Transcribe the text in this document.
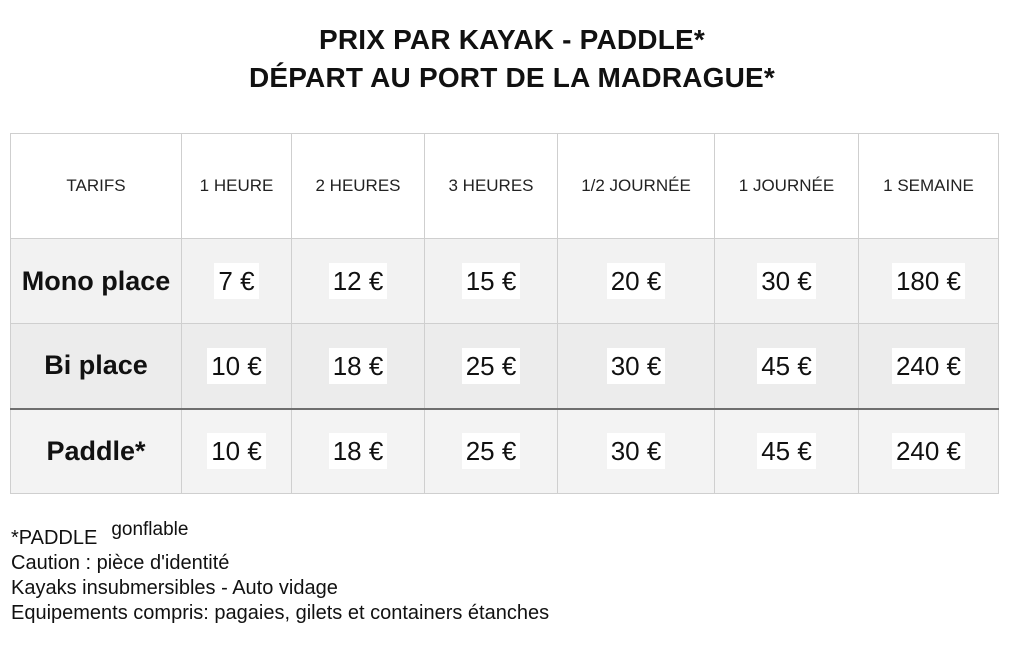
PRIX PAR KAYAK - PADDLE*
DÉPART AU PORT DE LA MADRAGUE*
TARIFS	1 HEURE	2 HEURES	3 HEURES	1/2 JOURNÉE	1 JOURNÉE	1 SEMAINE
Mono place	7 €	12 €	15 €	20 €	30 €	180 €
Bi place	10 €	18 €	25 €	30 €	45 €	240 €
Paddle*	10 €	18 €	25 €	30 €	45 €	240 €
*PADDLE gonflable
Caution : pièce d'identité
Kayaks insubmersibles - Auto vidage
Equipements compris: pagaies, gilets et containers étanches
